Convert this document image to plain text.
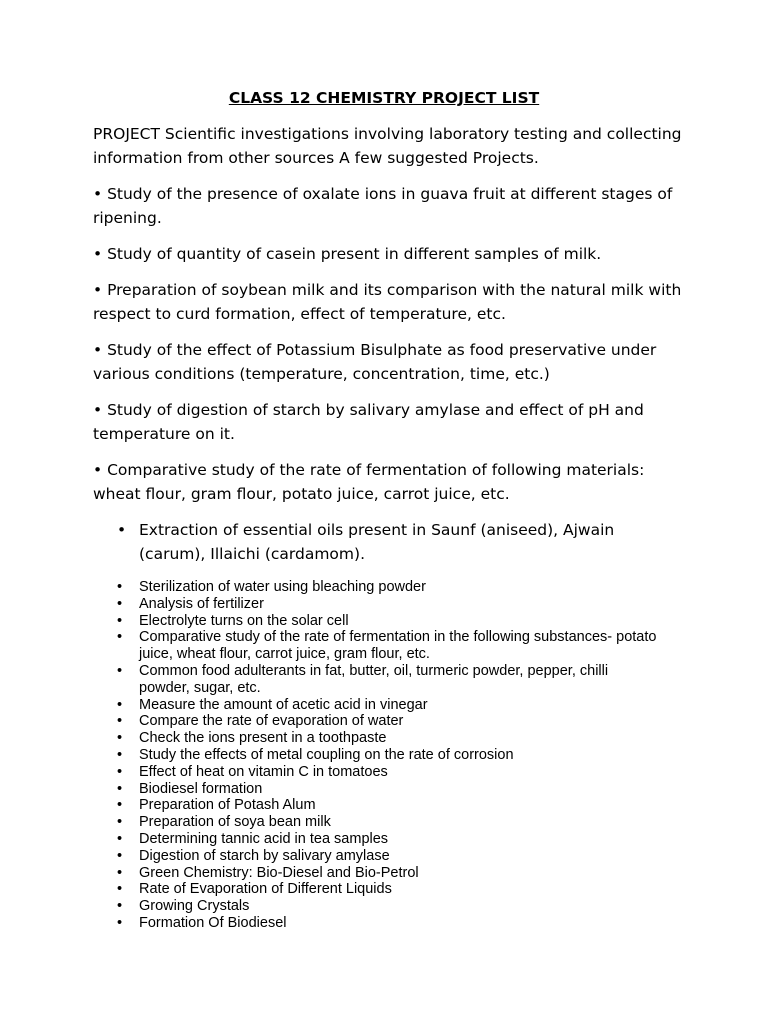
CLASS 12 CHEMISTRY PROJECT LIST
PROJECT Scientific investigations involving laboratory testing and collecting information from other sources A few suggested Projects.
• Study of the presence of oxalate ions in guava fruit at different stages of ripening.
• Study of quantity of casein present in different samples of milk.
• Preparation of soybean milk and its comparison with the natural milk with respect to curd formation, effect of temperature, etc.
• Study of the effect of Potassium Bisulphate as food preservative under various conditions (temperature, concentration, time, etc.)
• Study of digestion of starch by salivary amylase and effect of pH and temperature on it.
• Comparative study of the rate of fermentation of following materials: wheat flour, gram flour, potato juice, carrot juice, etc.
• Extraction of essential oils present in Saunf (aniseed), Ajwain (carum), Illaichi (cardamom).
• Sterilization of water using bleaching powder
• Analysis of fertilizer
• Electrolyte turns on the solar cell
• Comparative study of the rate of fermentation in the following substances- potato juice, wheat flour, carrot juice, gram flour, etc.
• Common food adulterants in fat, butter, oil, turmeric powder, pepper, chilli powder, sugar, etc.
• Measure the amount of acetic acid in vinegar
• Compare the rate of evaporation of water
• Check the ions present in a toothpaste
• Study the effects of metal coupling on the rate of corrosion
• Effect of heat on vitamin C in tomatoes
• Biodiesel formation
• Preparation of Potash Alum
• Preparation of soya bean milk
• Determining tannic acid in tea samples
• Digestion of starch by salivary amylase
• Green Chemistry: Bio-Diesel and Bio-Petrol
• Rate of Evaporation of Different Liquids
• Growing Crystals
• Formation Of Biodiesel
